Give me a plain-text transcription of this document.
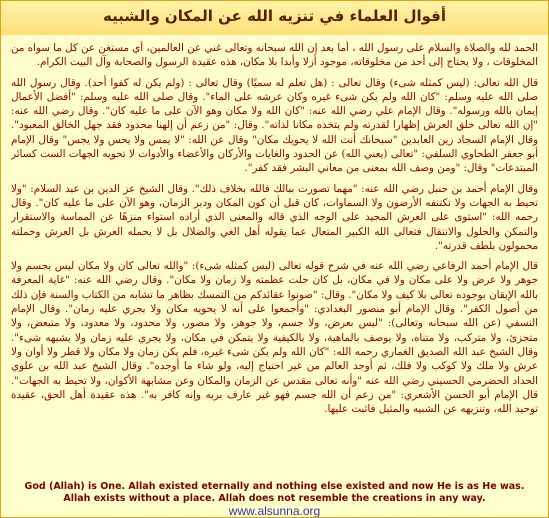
أقوال العلماء في تنزيه الله عن المكان والشبيه

الحمد لله والصلاة والسلام على رسول الله ، أما بعد إن الله سبحانه وتعالى غني عن العالمين، أي مستغن عن كل ما سواه من المخلوقات ، ولا يحتاج إلى أحد من مخلوقاته، موجود أزلا وأبدا بلا مكان، هذه عقيدة الرسول والصحابة وآل البيت الكرام.

قال الله تعالى: (ليس كمثله شىء) وقال تعالى : (هل تعلم له سميًا) وقال تعالى : (ولم يكن له كفوا أحد). وقال رسول الله صلى الله عليه وسلم: "كان الله ولم يكن شىء غيره وكان عرشه على الماء". وقال صلى الله عليه وسلم: "أفضل الأعمال إيمان بالله ورسوله". وقال الإمام علي رضي الله عنه: "كان الله ولا مكان وهو الآن على ما عليه كان". وقال رضي الله عنه: "إن الله تعالى خلق العرش إظهارا لقدرته ولم يتخذه مكانا لذاته". وقال: "من زعم أن إلهنا محدود فقد جهل الخالق المعبود". وقال الإمام السجاد زين العابدين "سبحانك أنت الله لا يحويك مكان" وقال عن الله: "لا يمس ولا يحس ولا يجس" وقال الإمام أبو جعفر الطحاوي السلفي: "تعالى (يعني الله) عن الحدود والغايات والأركان والأعضاء والأدوات لا تحويه الجهات الست كسائر المبتدعات" وقال: "ومن وصف الله بمعنى من معاني البشر فقد كفر".

وقال الإمام أحمد بن حنبل رضي الله عنه: "مهما تصورت ببالك فالله بخلاف ذلك". وقال الشيخ عز الدين بن عبد السلام: "ولا تحيط به الجهات ولا تكتنفه الأرضون ولا السماوات، كان قبل أن كون المكان ودبر الزمان، وهو الآن على ما عليه كان". وقال رحمه الله: "استوى على العرش المجيد على الوجه الذي قاله والمعنى الذي أراده استواء منزهًا عن المماسة والاستقرار والتمكن والحلول والانتقال فتعالى الله الكبير المتعال عما يقوله أهل الغي والضلال بل لا يحمله العرش بل العرش وحملته محمولون بلطف قدرته".

قال الإمام أحمد الرفاعي رضي الله عنه في شرح قوله تعالى (ليس كمثله شىء): "والله تعالى كان ولا مكان ليس بجسم ولا جوهر ولا عرض ولا على مكان ولا في مكان، بل كان جلت عظمته ولا زمان ولا مكان". وقال رضي الله عنه: "غاية المعرفة بالله الإيقان بوجوده تعالى بلا كيف ولا مكان". وقال: "صونوا عقائدكم من التمسك بظاهر ما تشابه من الكتاب والسنة فإن ذلك من أصول الكفر". وقال الإمام أبو منصور البغدادي: "وأجمعوا على أنه لا يحويه مكان ولا يجري عليه زمان". وقال الإمام النسفي (عن الله سبحانه وتعالى): "ليس بعرض، ولا جسم، ولا جوهر، ولا مصور، ولا محدود، ولا معدود، ولا متبعض، ولا متجزئ، ولا متركب، ولا متناه، ولا يوصف بالماهية، ولا بالكيفية ولا يتمكن في مكان، ولا يجري عليه زمان ولا يشبهه شىء". وقال الشيخ عبد الله الصديق الغماري رحمه الله: "كان الله ولم يكن شىء غيره، فلم يكن زمان ولا مكان ولا قطر ولا أوان ولا عرش ولا ملك ولا كوكب ولا فلك، ثم أوجد العالم من غير احتياج إليه، ولو شاء ما أوجده". وقال الشيخ عبد الله بن علوي الحداد الحضرمي الحسيني رضي الله عنه "وأنه تعالى مقدس عن الزمان والمكان وعن مشابهة الأكوان، ولا تحيط به الجهات". قال الإمام أبو الحسن الأشعري: "من زعم أن الله جسم فهو غير عارف بربه وإنه كافر به". هذه عقيدة أهل الحق، عقيدة توحيد الله، وتنزيهه عن الشبيه والمثيل فاثبت عليها.

God (Allah) is One. Allah existed eternally and nothing else existed and now He is as He was.
Allah exists without a place. Allah does not resemble the creations in any way.
www.alsunna.org
